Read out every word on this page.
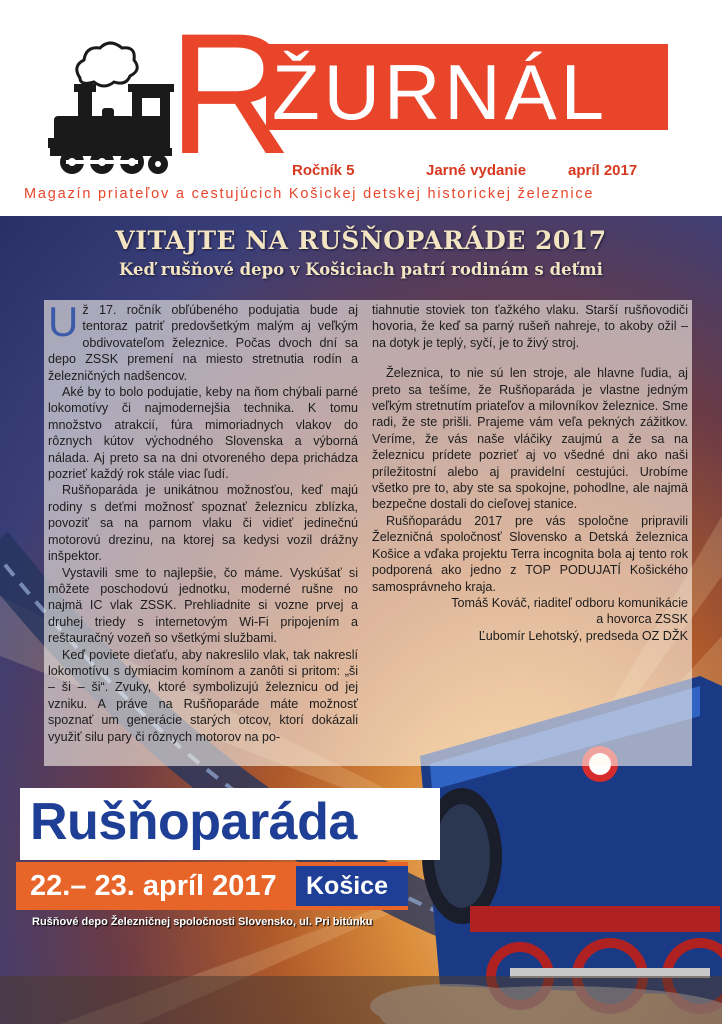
R
ŽURNÁL
Ročník 5	Jarné vydanie	apríl 2017
Magazín priateľov a cestujúcich Košickej detskej historickej železnice
VITAJTE NA RUŠŇOPARÁDE 2017
Keď rušňové depo v Košiciach patrí rodinám s deťmi

Už 17. ročník obľúbeného podujatia bude aj tentoraz patriť predovšetkým malým aj veľkým obdivovateľom železnice. Počas dvoch dní sa depo ZSSK premení na miesto stretnutia rodín a železničných nadšencov.

Aké by to bolo podujatie, keby na ňom chýbali parné lokomotívy či najmodernejšia technika. K tomu množstvo atrakcií, fúra mimoriadnych vlakov do rôznych kútov východného Slovenska a výborná nálada. Aj preto sa na dni otvoreného depa prichádza pozrieť každý rok stále viac ľudí.

Rušňoparáda je unikátnou možnosťou, keď majú rodiny s deťmi možnosť spoznať železnicu zblízka, povoziť sa na parnom vlaku či vidieť jedinečnú motorovú drezinu, na ktorej sa kedysi vozil drážny inšpektor.

Vystavili sme to najlepšie, čo máme. Vyskúšať si môžete poschodovú jednotku, moderné rušne no najmä IC vlak ZSSK. Prehliadnite si vozne prvej a druhej triedy s internetovým Wi-Fi pripojením a reštauračný vozeň so všetkými službami.

Keď poviete dieťaťu, aby nakreslilo vlak, tak nakreslí lokomotívu s dymiacim komínom a zanôti si pritom: „ši – ši – ši“. Zvuky, ktoré symbolizujú železnicu od jej vzniku. A práve na Rušňoparáde máte možnosť spoznať um generácie starých otcov, ktorí dokázali využiť silu pary či rôznych motorov na po-

tiahnutie stoviek ton ťažkého vlaku. Starší rušňovodiči hovoria, že keď sa parný rušeň nahreje, to akoby ožil – na dotyk je teplý, syčí, je to živý stroj.

Železnica, to nie sú len stroje, ale hlavne ľudia, aj preto sa tešíme, že Rušňoparáda je vlastne jedným veľkým stretnutím priateľov a milovníkov železnice. Sme radi, že ste prišli. Prajeme vám veľa pekných zážitkov. Veríme, že vás naše vláčiky zaujmú a že sa na železnicu prídete pozrieť aj vo všedné dni ako naši príležitostní alebo aj pravidelní cestujúci. Urobíme všetko pre to, aby ste sa spokojne, pohodlne, ale najmä bezpečne dostali do cieľovej stanice.

Rušňoparádu 2017 pre vás spoločne pripravili Železničná spoločnosť Slovensko a Detská železnica Košice a vďaka projektu Terra incognita bola aj tento rok podporená ako jedno z TOP PODUJATÍ Košického samosprávneho kraja.

Tomáš Kováč, riaditeľ odboru komunikácie
a hovorca ZSSK
Ľubomír Lehotský, predseda OZ DŽK
Rušňoparáda
22.– 23. apríl 2017 Košice
Rušňové depo Železničnej spoločnosti Slovensko, ul. Pri bitúnku
